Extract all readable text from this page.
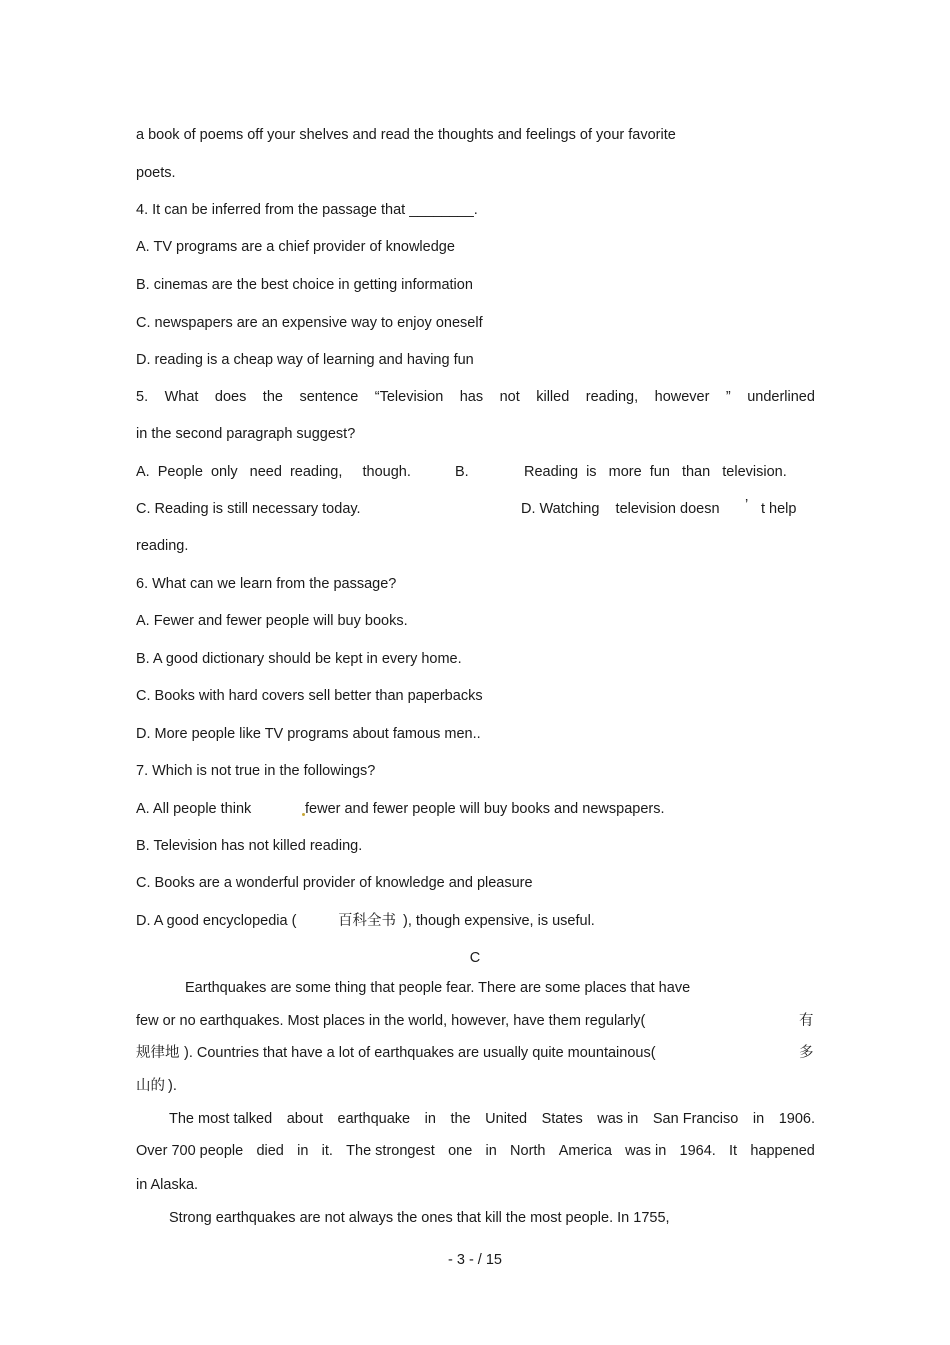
a book of poems off your shelves and read the thoughts and feelings of your favorite
poets.
4. It can be inferred from the passage that ________.
A. TV programs are a chief provider of knowledge
B. cinemas are the best choice in getting information
C. newspapers are an expensive way to enjoy oneself
D. reading is a cheap way of learning and having fun
5. What does the sentence “Television has not killed reading, however ” underlined
in the second paragraph suggest?
A.  People  only   need  reading,     though.	B.	Reading  is   more  fun   than   television.
C. Reading is still necessary today.	D. Watching    television doesn ’ t help
reading.
6. What can we learn from the passage?
A. Fewer and fewer people will buy books.
B. A good dictionary should be kept in every home.
C. Books with hard covers sell better than paperbacks
D. More people like TV programs about famous men..
7. Which is not true in the followings?
A. All people think	fewer and fewer people will buy books and newspapers.
B. Television has not killed reading.
C. Books are a wonderful provider of knowledge and pleasure
D. A good encyclopedia (	百科全书 ), though expensive, is useful.
C
Earthquakes are some thing that people fear. There are some places that have
few or no earthquakes. Most places in the world, however, have them regularly(	有
规律地 ). Countries that have a lot of earthquakes are usually quite mountainous(	多
山的 ).
The most talked about earthquake in the United States was in San Franciso in 1906.
Over 700 people died in it. The strongest one in North America was in 1964. It happened
in Alaska.
Strong earthquakes are not always the ones that kill the most people. In 1755,
- 3 - / 15
